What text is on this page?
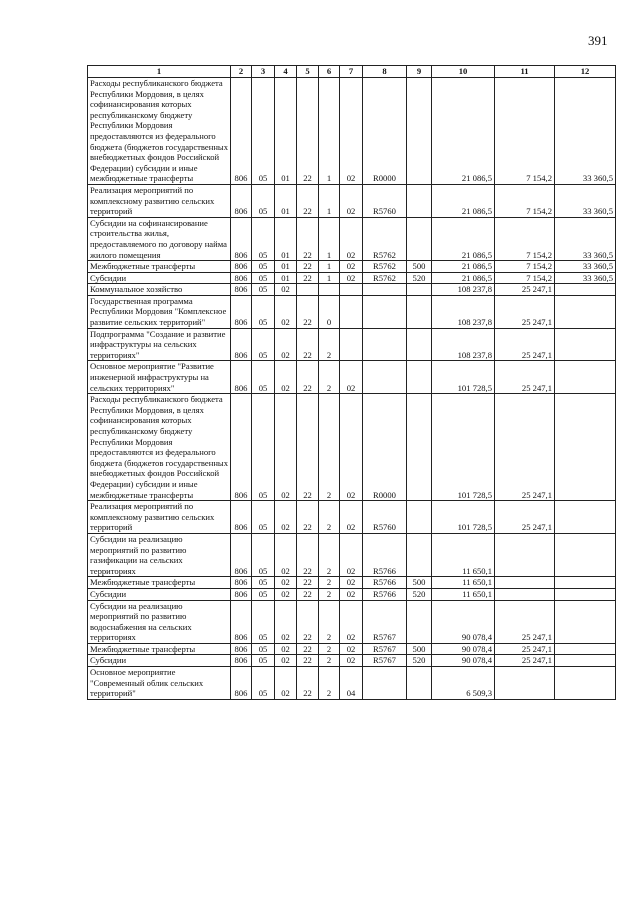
391
1	2	3	4	5	6	7	8	9	10	11	12
Расходы республиканского бюджета Республики Мордовия, в целях софинансирования которых республиканскому бюджету Республики Мордовия предоставляются из федерального бюджета (бюджетов государственных внебюджетных фондов Российской Федерации) субсидии и иные межбюджетные трансферты	806	05	01	22	1	02	R0000		21 086,5	7 154,2	33 360,5
Реализация мероприятий по комплексному развитию сельских территорий	806	05	01	22	1	02	R5760		21 086,5	7 154,2	33 360,5
Субсидии на софинансирование строительства жилья, предоставляемого по договору найма жилого помещения	806	05	01	22	1	02	R5762		21 086,5	7 154,2	33 360,5
Межбюджетные трансферты	806	05	01	22	1	02	R5762	500	21 086,5	7 154,2	33 360,5
Субсидии	806	05	01	22	1	02	R5762	520	21 086,5	7 154,2	33 360,5
Коммунальное хозяйство	806	05	02						108 237,8	25 247,1	
Государственная программа Республики Мордовия "Комплексное развитие сельских территорий"	806	05	02	22	0				108 237,8	25 247,1	
Подпрограмма "Создание и развитие инфраструктуры на сельских территориях"	806	05	02	22	2				108 237,8	25 247,1	
Основное мероприятие "Развитие инженерной инфраструктуры на сельских территориях"	806	05	02	22	2	02			101 728,5	25 247,1	
Расходы республиканского бюджета Республики Мордовия, в целях софинансирования которых республиканскому бюджету Республики Мордовия предоставляются из федерального бюджета (бюджетов государственных внебюджетных фондов Российской Федерации) субсидии и иные межбюджетные трансферты	806	05	02	22	2	02	R0000		101 728,5	25 247,1	
Реализация мероприятий по комплексному развитию сельских территорий	806	05	02	22	2	02	R5760		101 728,5	25 247,1	
Субсидии на реализацию мероприятий по развитию газификации на сельских территориях	806	05	02	22	2	02	R5766		11 650,1		
Межбюджетные трансферты	806	05	02	22	2	02	R5766	500	11 650,1		
Субсидии	806	05	02	22	2	02	R5766	520	11 650,1		
Субсидии на реализацию мероприятий по развитию водоснабжения на сельских территориях	806	05	02	22	2	02	R5767		90 078,4	25 247,1	
Межбюджетные трансферты	806	05	02	22	2	02	R5767	500	90 078,4	25 247,1	
Субсидии	806	05	02	22	2	02	R5767	520	90 078,4	25 247,1	
Основное мероприятие "Современный облик сельских территорий"	806	05	02	22	2	04			6 509,3		
